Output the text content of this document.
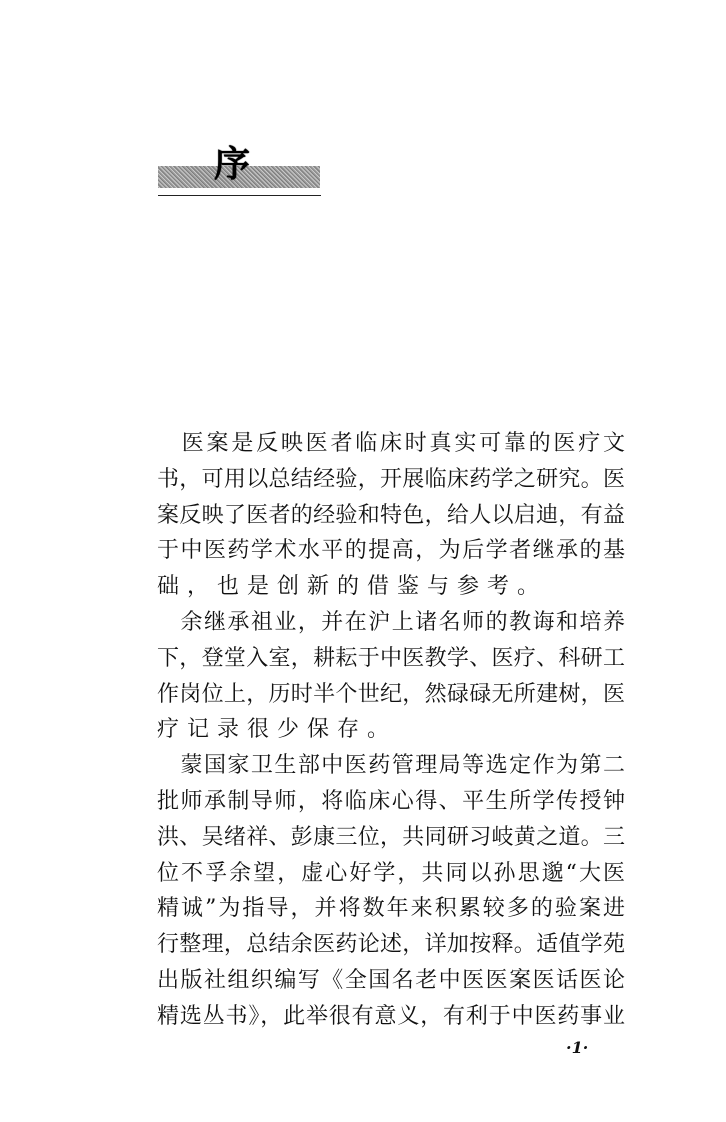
序
　医案是反映医者临床时真实可靠的医疗文
书，可用以总结经验，开展临床药学之研究。医
案反映了医者的经验和特色，给人以启迪，有益
于中医药学术水平的提高，为后学者继承的基
础，也是创新的借鉴与参考。
　余继承祖业，并在沪上诸名师的教诲和培养
下，登堂入室，耕耘于中医教学、医疗、科研工
作岗位上，历时半个世纪，然碌碌无所建树，医
疗记录很少保存。
　蒙国家卫生部中医药管理局等选定作为第二
批师承制导师，将临床心得、平生所学传授钟
洪、吴绪祥、彭康三位，共同研习岐黄之道。三
位不孚余望，虚心好学，共同以孙思邈“大医
精诚”为指导，并将数年来积累较多的验案进
行整理，总结余医药论述，详加按释。适值学苑
出版社组织编写《全国名老中医医案医话医论
精选丛书》，此举很有意义，有利于中医药事业
·1·
